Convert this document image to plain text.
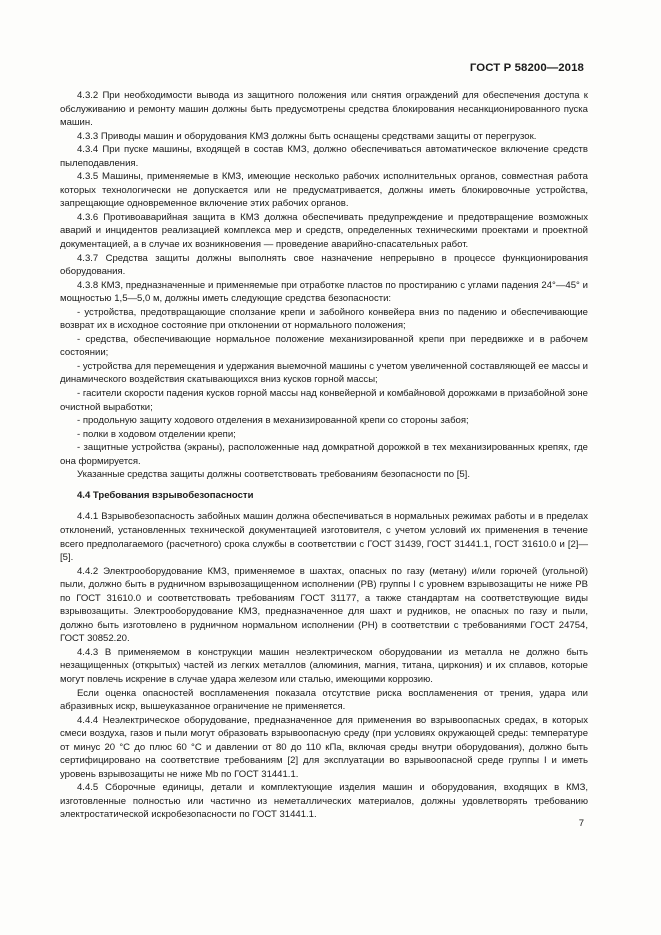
ГОСТ Р 58200—2018

4.3.2 При необходимости вывода из защитного положения или снятия ограждений для обеспечения доступа к обслуживанию и ремонту машин должны быть предусмотрены средства блокирования несанкционированного пуска машин.

4.3.3 Приводы машин и оборудования КМЗ должны быть оснащены средствами защиты от перегрузок.

4.3.4 При пуске машины, входящей в состав КМЗ, должно обеспечиваться автоматическое включение средств пылеподавления.

4.3.5 Машины, применяемые в КМЗ, имеющие несколько рабочих исполнительных органов, совместная работа которых технологически не допускается или не предусматривается, должны иметь блокировочные устройства, запрещающие одновременное включение этих рабочих органов.

4.3.6 Противоаварийная защита в КМЗ должна обеспечивать предупреждение и предотвращение возможных аварий и инцидентов реализацией комплекса мер и средств, определенных техническими проектами и проектной документацией, а в случае их возникновения — проведение аварийно-спасательных работ.

4.3.7 Средства защиты должны выполнять свое назначение непрерывно в процессе функционирования оборудования.

4.3.8 КМЗ, предназначенные и применяемые при отработке пластов по простиранию с углами падения 24°—45° и мощностью 1,5—5,0 м, должны иметь следующие средства безопасности:

- устройства, предотвращающие сползание крепи и забойного конвейера вниз по падению и обеспечивающие возврат их в исходное состояние при отклонении от нормального положения;

- средства, обеспечивающие нормальное положение механизированной крепи при передвижке и в рабочем состоянии;

- устройства для перемещения и удержания выемочной машины с учетом увеличенной составляющей ее массы и динамического воздействия скатывающихся вниз кусков горной массы;

- гасители скорости падения кусков горной массы над конвейерной и комбайновой дорожками в призабойной зоне очистной выработки;

- продольную защиту ходового отделения в механизированной крепи со стороны забоя;

- полки в ходовом отделении крепи;

- защитные устройства (экраны), расположенные над домкратной дорожкой в тех механизированных крепях, где она формируется.

Указанные средства защиты должны соответствовать требованиям безопасности по [5].

4.4 Требования взрывобезопасности

4.4.1 Взрывобезопасность забойных машин должна обеспечиваться в нормальных режимах работы и в пределах отклонений, установленных технической документацией изготовителя, с учетом условий их применения в течение всего предполагаемого (расчетного) срока службы в соответствии с ГОСТ 31439, ГОСТ 31441.1, ГОСТ 31610.0 и [2]—[5].

4.4.2 Электрооборудование КМЗ, применяемое в шахтах, опасных по газу (метану) и/или горючей (угольной) пыли, должно быть в рудничном взрывозащищенном исполнении (РВ) группы I с уровнем взрывозащиты не ниже РВ по ГОСТ 31610.0 и соответствовать требованиям ГОСТ 31177, а также стандартам на соответствующие виды взрывозащиты. Электрооборудование КМЗ, предназначенное для шахт и рудников, не опасных по газу и пыли, должно быть изготовлено в рудничном нормальном исполнении (РН) в соответствии с требованиями ГОСТ 24754, ГОСТ 30852.20.

4.4.3 В применяемом в конструкции машин неэлектрическом оборудовании из металла не должно быть незащищенных (открытых) частей из легких металлов (алюминия, магния, титана, циркония) и их сплавов, которые могут повлечь искрение в случае удара железом или сталью, имеющими коррозию.

Если оценка опасностей воспламенения показала отсутствие риска воспламенения от трения, удара или абразивных искр, вышеуказанное ограничение не применяется.

4.4.4 Неэлектрическое оборудование, предназначенное для применения во взрывоопасных средах, в которых смеси воздуха, газов и пыли могут образовать взрывоопасную среду (при условиях окружающей среды: температуре от минус 20 °С до плюс 60 °С и давлении от 80 до 110 кПа, включая среды внутри оборудования), должно быть сертифицировано на соответствие требованиям [2] для эксплуатации во взрывоопасной среде группы I и иметь уровень взрывозащиты не ниже Mb по ГОСТ 31441.1.

4.4.5 Сборочные единицы, детали и комплектующие изделия машин и оборудования, входящих в КМЗ, изготовленные полностью или частично из неметаллических материалов, должны удовлетворять требованию электростатической искробезопасности по ГОСТ 31441.1.

7
